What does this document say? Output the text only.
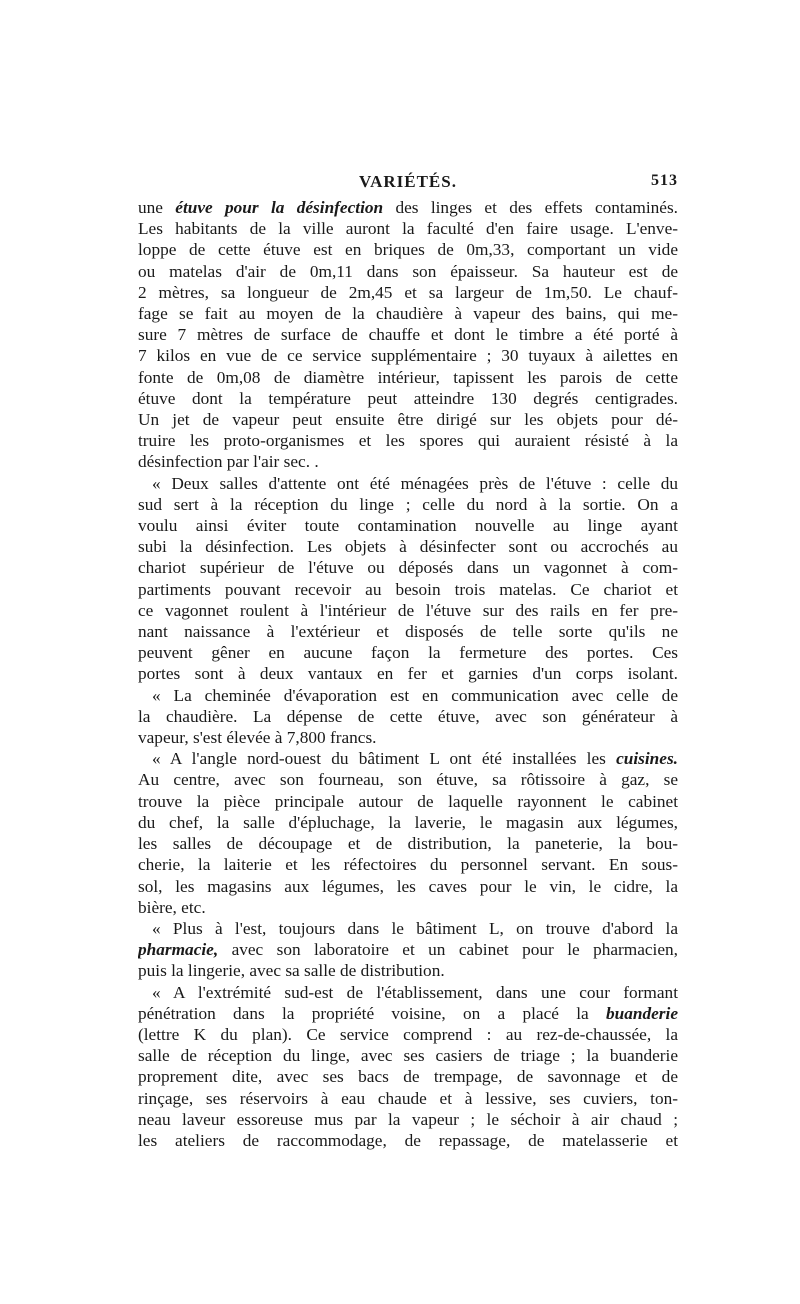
VARIÉTÉS.	513
une étuve pour la désinfection des linges et des effets contaminés.
Les habitants de la ville auront la faculté d'en faire usage. L'enve-
loppe de cette étuve est en briques de 0m,33, comportant un vide
ou matelas d'air de 0m,11 dans son épaisseur. Sa hauteur est de
2 mètres, sa longueur de 2m,45 et sa largeur de 1m,50. Le chauf-
fage se fait au moyen de la chaudière à vapeur des bains, qui me-
sure 7 mètres de surface de chauffe et dont le timbre a été porté à
7 kilos en vue de ce service supplémentaire ; 30 tuyaux à ailettes en
fonte de 0m,08 de diamètre intérieur, tapissent les parois de cette
étuve dont la température peut atteindre 130 degrés centigrades.
Un jet de vapeur peut ensuite être dirigé sur les objets pour dé-
truire les proto-organismes et les spores qui auraient résisté à la
désinfection par l'air sec. .
« Deux salles d'attente ont été ménagées près de l'étuve : celle du
sud sert à la réception du linge ; celle du nord à la sortie. On a
voulu ainsi éviter toute contamination nouvelle au linge ayant
subi la désinfection. Les objets à désinfecter sont ou accrochés au
chariot supérieur de l'étuve ou déposés dans un vagonnet à com-
partiments pouvant recevoir au besoin trois matelas. Ce chariot et
ce vagonnet roulent à l'intérieur de l'étuve sur des rails en fer pre-
nant naissance à l'extérieur et disposés de telle sorte qu'ils ne
peuvent gêner en aucune façon la fermeture des portes. Ces
portes sont à deux vantaux en fer et garnies d'un corps isolant.
« La cheminée d'évaporation est en communication avec celle de
la chaudière. La dépense de cette étuve, avec son générateur à
vapeur, s'est élevée à 7,800 francs.
« A l'angle nord-ouest du bâtiment L ont été installées les cuisines.
Au centre, avec son fourneau, son étuve, sa rôtissoire à gaz, se
trouve la pièce principale autour de laquelle rayonnent le cabinet
du chef, la salle d'épluchage, la laverie, le magasin aux légumes,
les salles de découpage et de distribution, la paneterie, la bou-
cherie, la laiterie et les réfectoires du personnel servant. En sous-
sol, les magasins aux légumes, les caves pour le vin, le cidre, la
bière, etc.
« Plus à l'est, toujours dans le bâtiment L, on trouve d'abord la
pharmacie, avec son laboratoire et un cabinet pour le pharmacien,
puis la lingerie, avec sa salle de distribution.
« A l'extrémité sud-est de l'établissement, dans une cour formant
pénétration dans la propriété voisine, on a placé la buanderie
(lettre K du plan). Ce service comprend : au rez-de-chaussée, la
salle de réception du linge, avec ses casiers de triage ; la buanderie
proprement dite, avec ses bacs de trempage, de savonnage et de
rinçage, ses réservoirs à eau chaude et à lessive, ses cuviers, ton-
neau laveur essoreuse mus par la vapeur ; le séchoir à air chaud ;
les ateliers de raccommodage, de repassage, de matelasserie et
